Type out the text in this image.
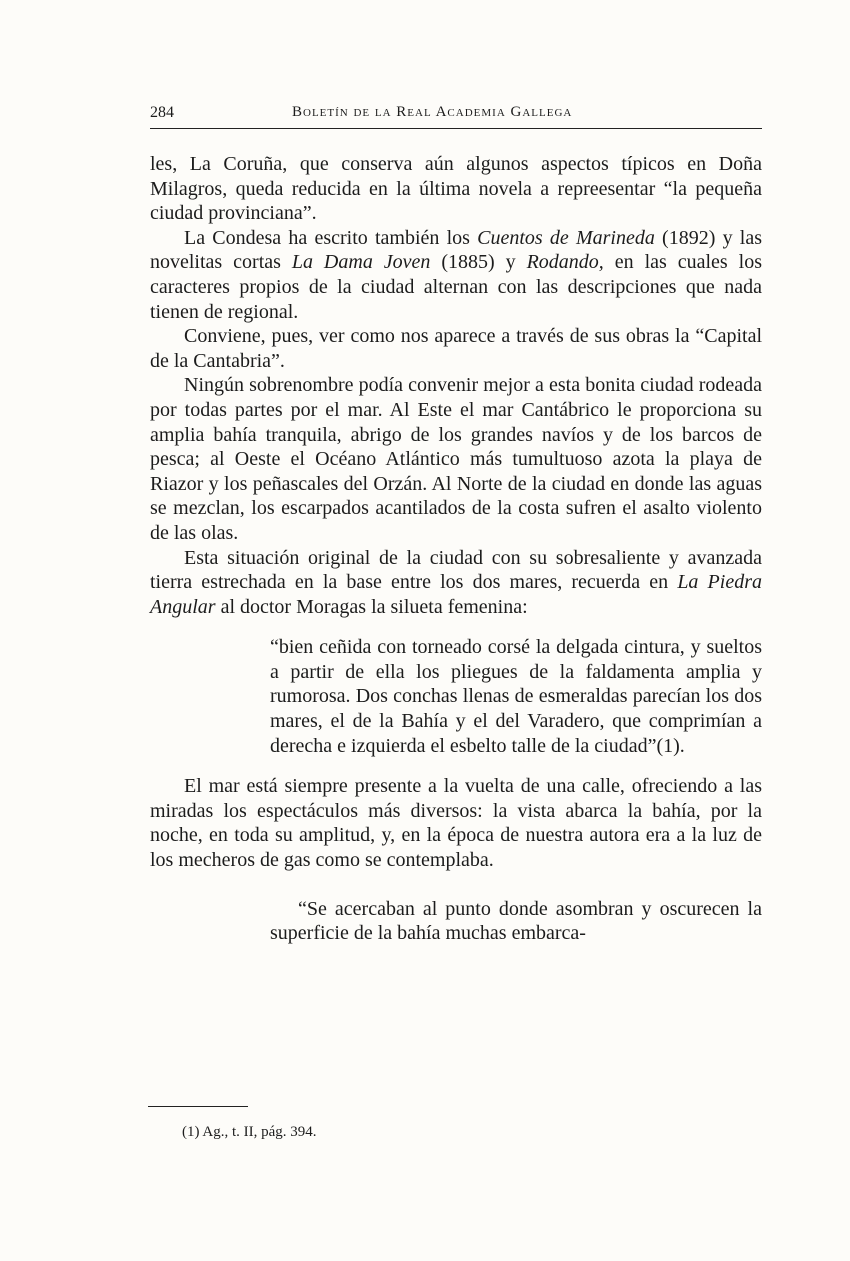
284	Boletín de la Real Academia Gallega

les, La Coruña, que conserva aún algunos aspectos típicos en Doña Milagros, queda reducida en la última novela a repreesentar “la pequeña ciudad provinciana”.

La Condesa ha escrito también los Cuentos de Marineda (1892) y las novelitas cortas La Dama Joven (1885) y Rodando, en las cuales los caracteres propios de la ciudad alternan con las descripciones que nada tienen de regional.

Conviene, pues, ver como nos aparece a través de sus obras la “Capital de la Cantabria”.

Ningún sobrenombre podía convenir mejor a esta bonita ciudad rodeada por todas partes por el mar. Al Este el mar Cantábrico le proporciona su amplia bahía tranquila, abrigo de los grandes navíos y de los barcos de pesca; al Oeste el Océano Atlántico más tumultuoso azota la playa de Riazor y los peñascales del Orzán. Al Norte de la ciudad en donde las aguas se mezclan, los escarpados acantilados de la costa sufren el asalto violento de las olas.

Esta situación original de la ciudad con su sobresaliente y avanzada tierra estrechada en la base entre los dos mares, recuerda en La Piedra Angular al doctor Moragas la silueta femenina:

“bien ceñida con torneado corsé la delgada cintura, y sueltos a partir de ella los pliegues de la faldamenta amplia y rumorosa. Dos conchas llenas de esmeraldas parecían los dos mares, el de la Bahía y el del Varadero, que comprimían a derecha e izquierda el esbelto talle de la ciudad”(1).

El mar está siempre presente a la vuelta de una calle, ofreciendo a las miradas los espectáculos más diversos: la vista abarca la bahía, por la noche, en toda su amplitud, y, en la época de nuestra autora era a la luz de los mecheros de gas como se contemplaba.

“Se acercaban al punto donde asombran y oscurecen la superficie de la bahía muchas embarca-

(1) Ag., t. II, pág. 394.
